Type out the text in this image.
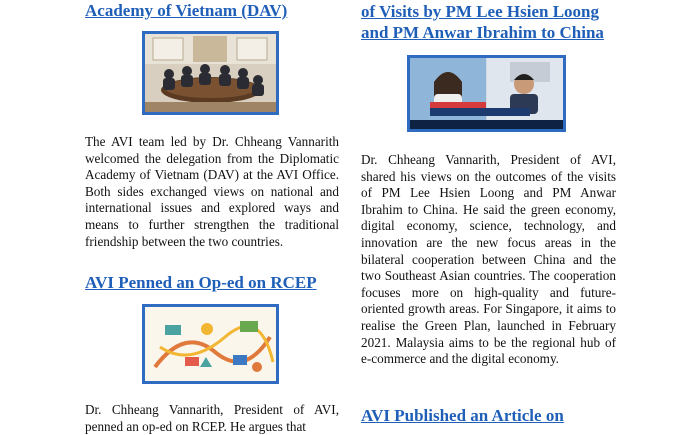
Academy of Vietnam (DAV)

The AVI team led by Dr. Chheang Vannarith welcomed the delegation from the Diplomatic Academy of Vietnam (DAV) at the AVI Office. Both sides exchanged views on national and international issues and explored ways and means to further strengthen the traditional friendship between the two countries.

AVI Penned an Op-ed on RCEP

Dr. Chheang Vannarith, President of AVI, penned an op-ed on RCEP. He argues that

of Visits by PM Lee Hsien Loong
and PM Anwar Ibrahim to China

Dr. Chheang Vannarith, President of AVI, shared his views on the outcomes of the visits of PM Lee Hsien Loong and PM Anwar Ibrahim to China. He said the green economy, digital economy, science, technology, and innovation are the new focus areas in the bilateral cooperation between China and the two Southeast Asian countries. The cooperation focuses more on high-quality and future-oriented growth areas. For Singapore, it aims to realise the Green Plan, launched in February 2021. Malaysia aims to be the regional hub of e-commerce and the digital economy.

AVI Published an Article on
